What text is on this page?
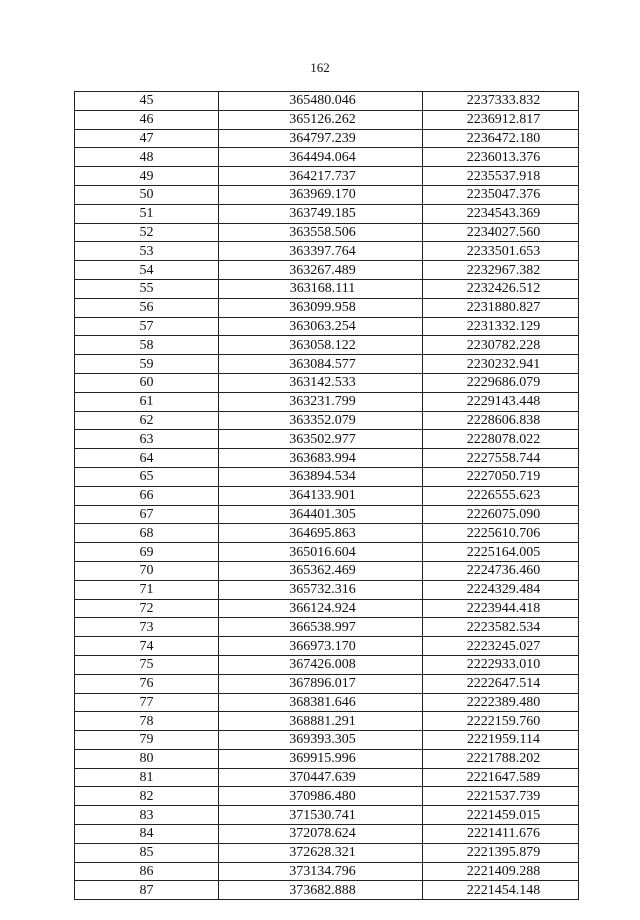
162
45	365480.046	2237333.832
46	365126.262	2236912.817
47	364797.239	2236472.180
48	364494.064	2236013.376
49	364217.737	2235537.918
50	363969.170	2235047.376
51	363749.185	2234543.369
52	363558.506	2234027.560
53	363397.764	2233501.653
54	363267.489	2232967.382
55	363168.111	2232426.512
56	363099.958	2231880.827
57	363063.254	2231332.129
58	363058.122	2230782.228
59	363084.577	2230232.941
60	363142.533	2229686.079
61	363231.799	2229143.448
62	363352.079	2228606.838
63	363502.977	2228078.022
64	363683.994	2227558.744
65	363894.534	2227050.719
66	364133.901	2226555.623
67	364401.305	2226075.090
68	364695.863	2225610.706
69	365016.604	2225164.005
70	365362.469	2224736.460
71	365732.316	2224329.484
72	366124.924	2223944.418
73	366538.997	2223582.534
74	366973.170	2223245.027
75	367426.008	2222933.010
76	367896.017	2222647.514
77	368381.646	2222389.480
78	368881.291	2222159.760
79	369393.305	2221959.114
80	369915.996	2221788.202
81	370447.639	2221647.589
82	370986.480	2221537.739
83	371530.741	2221459.015
84	372078.624	2221411.676
85	372628.321	2221395.879
86	373134.796	2221409.288
87	373682.888	2221454.148
